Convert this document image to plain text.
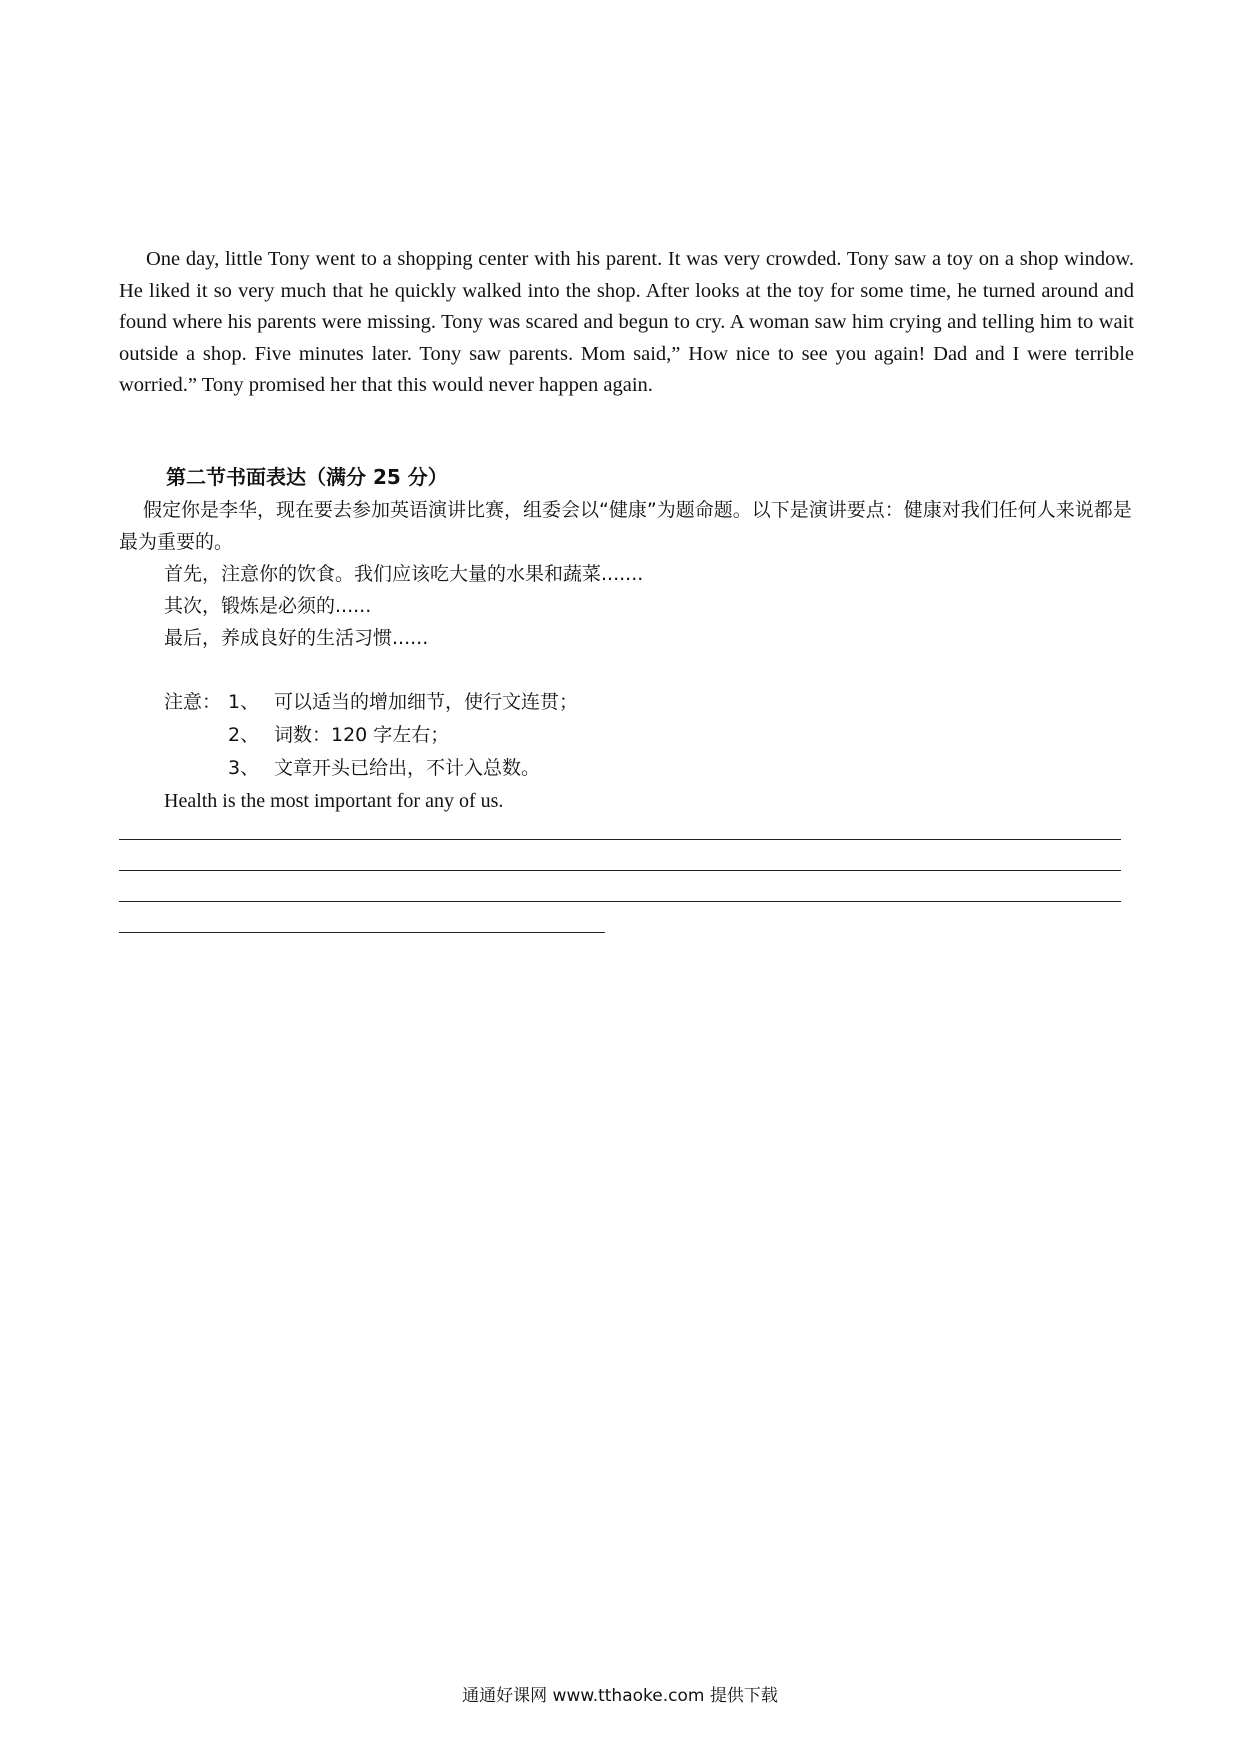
One day, little Tony went to a shopping center with his parent. It was very crowded. Tony saw a toy on a shop window. He liked it so very much that he quickly walked into the shop. After looks at the toy for some time, he turned around and found where his parents were missing. Tony was scared and begun to cry. A woman saw him crying and telling him to wait outside a shop. Five minutes later. Tony saw parents. Mom said,” How nice to see you again! Dad and I were terrible worried.” Tony promised her that this would never happen again.

第二节书面表达（满分 25 分）

假定你是李华，现在要去参加英语演讲比赛，组委会以“健康”为题命题。以下是演讲要点：健康对我们任何人来说都是最为重要的。

首先，注意你的饮食。我们应该吃大量的水果和蔬菜.......
其次，锻炼是必须的......
最后，养成良好的生活习惯......
注意： 1、 可以适当的增加细节，使行文连贯；
2、 词数：120 字左右；
3、 文章开头已给出，不计入总数。
Health is the most important for any of us.
通通好课网 www.tthaoke.com 提供下载
